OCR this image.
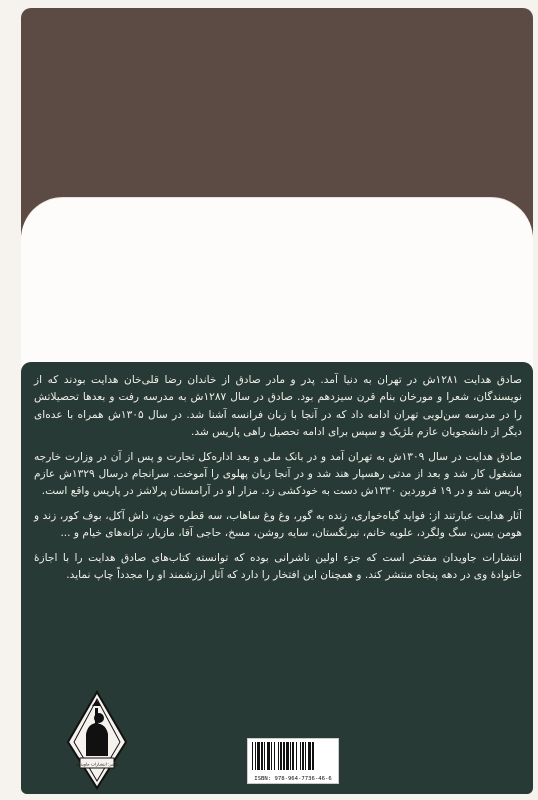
صادق هدایت ۱۲۸۱ش در تهران به دنیا آمد. پدر و مادر صادق از خاندان رضا قلی‌خان هدایت بودند که از نویسندگان، شعرا و مورخان بنام قرن سیزدهم بود. صادق در سال ۱۲۸۷ش به مدرسه رفت و بعدها تحصیلاتش را در مدرسه سن‌لویی تهران ادامه داد که در آنجا با زبان فرانسه آشنا شد. در سال ۱۳۰۵ش همراه با عده‌ای دیگر از دانشجویان عازم بلژیک و سپس برای ادامه تحصیل راهی پاریس شد.

صادق هدایت در سال ۱۳۰۹ش به تهران آمد و در بانک ملی و بعد اداره‌کل تجارت و پس از آن در وزارت خارجه مشغول کار شد و بعد از مدتی رهسپار هند شد و در آنجا زبان پهلوی را آموخت. سرانجام درسال ۱۳۲۹ش عازم پاریس شد و در ۱۹ فروردین ۱۳۳۰ش دست به خودکشی زد. مزار او در آرامستان پرلاشز در پاریس واقع است.

آثار هدایت عبارتند از: فواید گیاه‌خواری، زنده به گور، وغ وغ ساهاب، سه قطره خون، داش آکل، بوف کور، زند و هومن یسن، سگ ولگرد، علویه خانم، نیرنگستان، سایه روشن، مسخ، حاجی آقا، مازیار، ترانه‌های خیام و ...

انتشارات جاویدان مفتخر است که جزء اولین ناشرانی بوده که توانسته کتاب‌های صادق هدایت را با اجازهٔ خانوادهٔ وی در دهه پنجاه منتشر کند. و همچنان این افتخار را دارد که آثار ارزشمند او را مجدداً چاپ نماید.

ناشر: انتشارات جاویدان
ISBN: 978-964-7736-46-6
